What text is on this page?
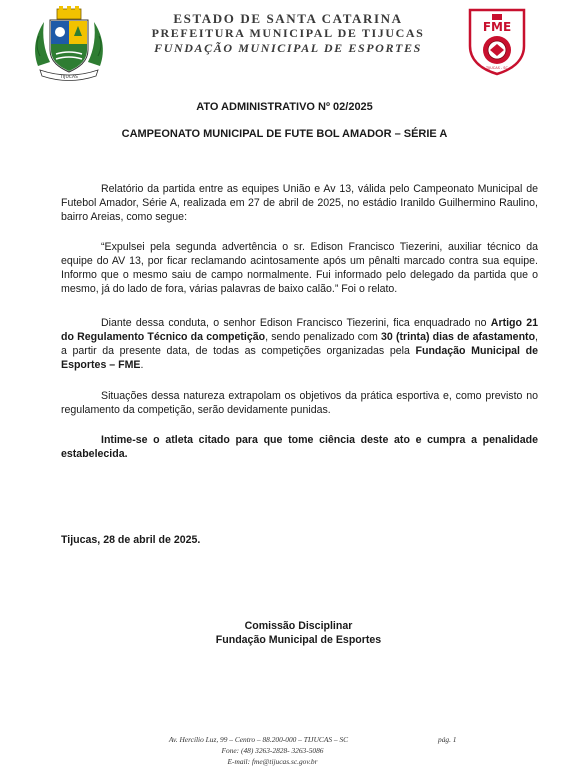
TIJUCAS
ESTADO DE SANTA CATARINA
PREFEITURA MUNICIPAL DE TIJUCAS
FUNDAÇÃO MUNICIPAL DE ESPORTES
FME
TIJUCAS - SC
ATO ADMINISTRATIVO Nº 02/2025
CAMPEONATO MUNICIPAL DE FUTE BOL AMADOR – SÉRIE A

Relatório da partida entre as equipes União e Av 13, válida pelo Campeonato Municipal de Futebol Amador, Série A, realizada em 27 de abril de 2025, no estádio Iranildo Guilhermino Raulino, bairro Areias, como segue:

“Expulsei pela segunda advertência o sr. Edison Francisco Tiezerini, auxiliar técnico da equipe do AV 13, por ficar reclamando acintosamente após um pênalti marcado contra sua equipe. Informo que o mesmo saiu de campo normalmente. Fui informado pelo delegado da partida que o mesmo, já do lado de fora, várias palavras de baixo calão.” Foi o relato.

Diante dessa conduta, o senhor Edison Francisco Tiezerini, fica enquadrado no Artigo 21 do Regulamento Técnico da competição, sendo penalizado com 30 (trinta) dias de afastamento, a partir da presente data, de todas as competições organizadas pela Fundação Municipal de Esportes – FME.

Situações dessa natureza extrapolam os objetivos da prática esportiva e, como previsto no regulamento da competição, serão devidamente punidas.

Intime-se o atleta citado para que tome ciência deste ato e cumpra a penalidade estabelecida.

Tijucas, 28 de abril de 2025.
Comissão Disciplinar
Fundação Municipal de Esportes
Av. Hercílio Luz, 99 – Centro – 88.200-000 – TIJUCAS – SC	pág. 1
Fone: (48) 3263-2828- 3263-5086
E-mail: fme@tijucas.sc.gov.br
